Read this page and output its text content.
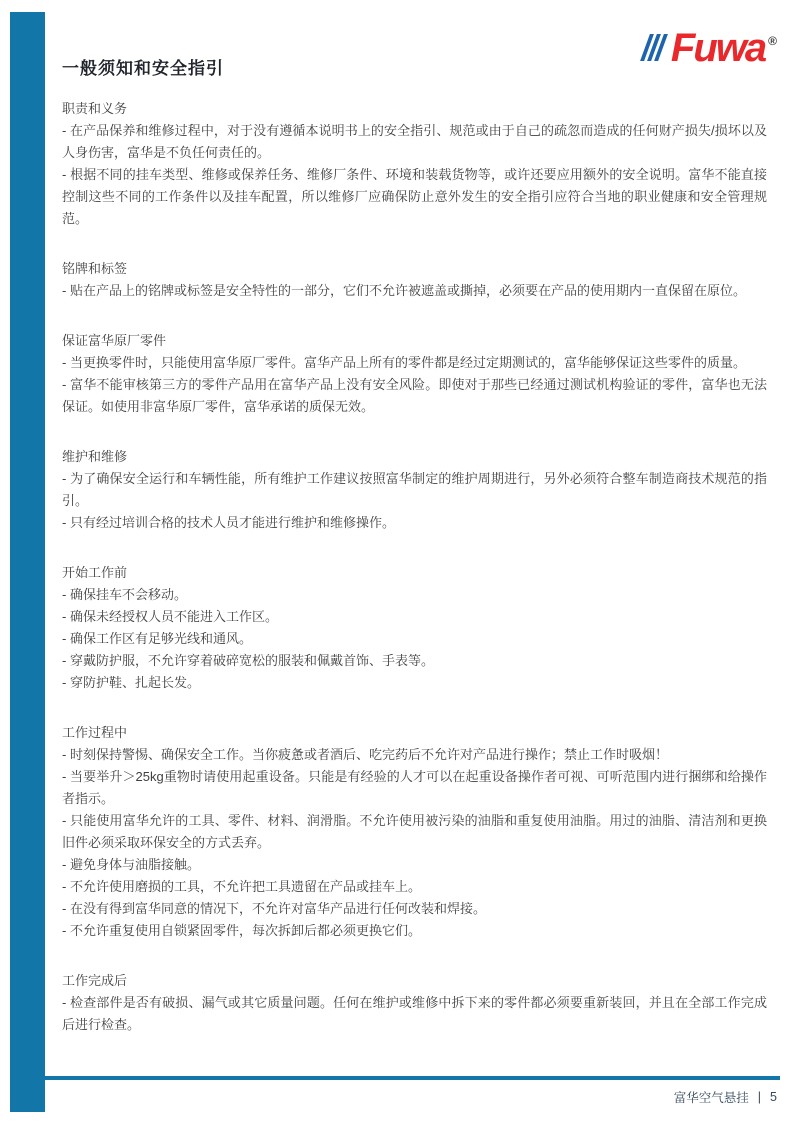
Fuwa ®
一般须知和安全指引
职责和义务

- 在产品保养和维修过程中，对于没有遵循本说明书上的安全指引、规范或由于自己的疏忽而造成的任何财产损失/损坏以及人身伤害，富华是不负任何责任的。

- 根据不同的挂车类型、维修或保养任务、维修厂条件、环境和装载货物等，或许还要应用额外的安全说明。富华不能直接控制这些不同的工作条件以及挂车配置，所以维修厂应确保防止意外发生的安全指引应符合当地的职业健康和安全管理规范。

铭牌和标签

- 贴在产品上的铭牌或标签是安全特性的一部分，它们不允许被遮盖或撕掉，必须要在产品的使用期内一直保留在原位。

保证富华原厂零件

- 当更换零件时，只能使用富华原厂零件。富华产品上所有的零件都是经过定期测试的，富华能够保证这些零件的质量。

- 富华不能审核第三方的零件产品用在富华产品上没有安全风险。即使对于那些已经通过测试机构验证的零件，富华也无法保证。如使用非富华原厂零件，富华承诺的质保无效。

维护和维修

- 为了确保安全运行和车辆性能，所有维护工作建议按照富华制定的维护周期进行，另外必须符合整车制造商技术规范的指引。

- 只有经过培训合格的技术人员才能进行维护和维修操作。

开始工作前

- 确保挂车不会移动。

- 确保未经授权人员不能进入工作区。

- 确保工作区有足够光线和通风。

- 穿戴防护服，不允许穿着破碎宽松的服装和佩戴首饰、手表等。

- 穿防护鞋、扎起长发。

工作过程中

- 时刻保持警惕、确保安全工作。当你疲惫或者酒后、吃完药后不允许对产品进行操作；禁止工作时吸烟！

- 当要举升＞25kg重物时请使用起重设备。只能是有经验的人才可以在起重设备操作者可视、可听范围内进行捆绑和给操作者指示。

- 只能使用富华允许的工具、零件、材料、润滑脂。不允许使用被污染的油脂和重复使用油脂。用过的油脂、清洁剂和更换旧件必须采取环保安全的方式丢弃。

- 避免身体与油脂接触。

- 不允许使用磨损的工具，不允许把工具遗留在产品或挂车上。

- 在没有得到富华同意的情况下，不允许对富华产品进行任何改装和焊接。

- 不允许重复使用自锁紧固零件，每次拆卸后都必须更换它们。

工作完成后

- 检查部件是否有破损、漏气或其它质量问题。任何在维护或维修中拆下来的零件都必须要重新装回，并且在全部工作完成后进行检查。

富华空气悬挂 | 5
